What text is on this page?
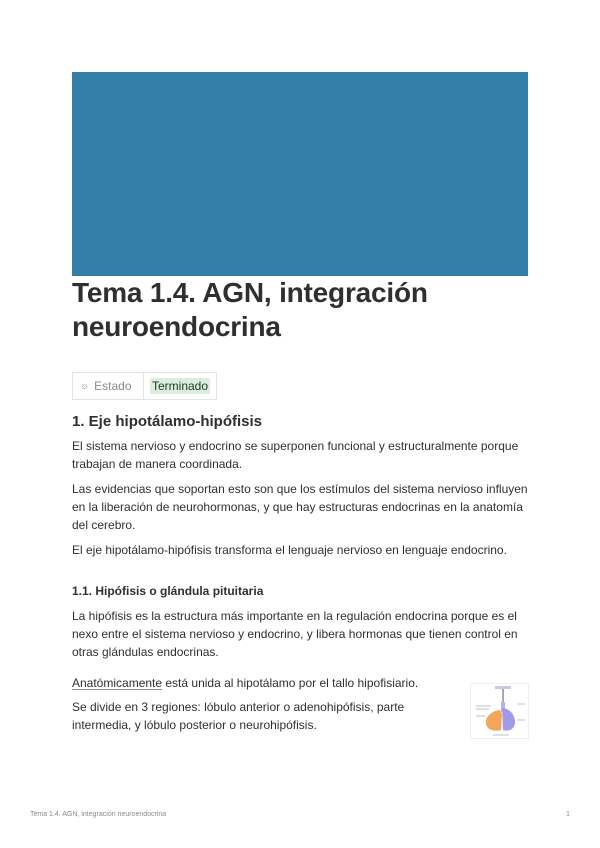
Tema 1.4. AGN, integración neuroendocrina
☼ Estado Terminado
1. Eje hipotálamo-hipófisis

El sistema nervioso y endocrino se superponen funcional y estructuralmente porque trabajan de manera coordinada.

Las evidencias que soportan esto son que los estímulos del sistema nervioso influyen en la liberación de neurohormonas, y que hay estructuras endocrinas en la anatomía del cerebro.

El eje hipotálamo-hipófisis transforma el lenguaje nervioso en lenguaje endocrino.

1.1. Hipófisis o glándula pituitaria

La hipófisis es la estructura más importante en la regulación endocrina porque es el nexo entre el sistema nervioso y endocrino, y libera hormonas que tienen control en otras glándulas endocrinas.

Anatómicamente está unida al hipotálamo por el tallo hipofisiario.

Se divide en 3 regiones: lóbulo anterior o adenohipófisis, parte intermedia, y lóbulo posterior o neurohipófisis.

Tema 1.4. AGN, integración neuroendocrina	1
